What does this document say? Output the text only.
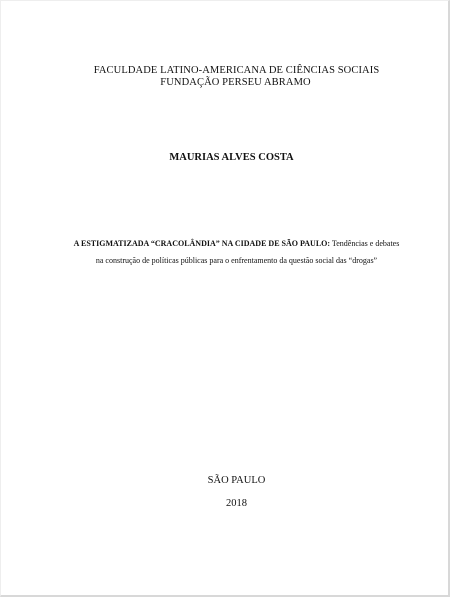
FACULDADE LATINO-AMERICANA DE CIÊNCIAS SOCIAIS
FUNDAÇÃO PERSEU ABRAMO
MAURIAS ALVES COSTA
A ESTIGMATIZADA “CRACOLÂNDIA” NA CIDADE DE SÃO PAULO: Tendências e debates
na construção de políticas públicas para o enfrentamento da questão social das “drogas”
SÃO PAULO
2018
